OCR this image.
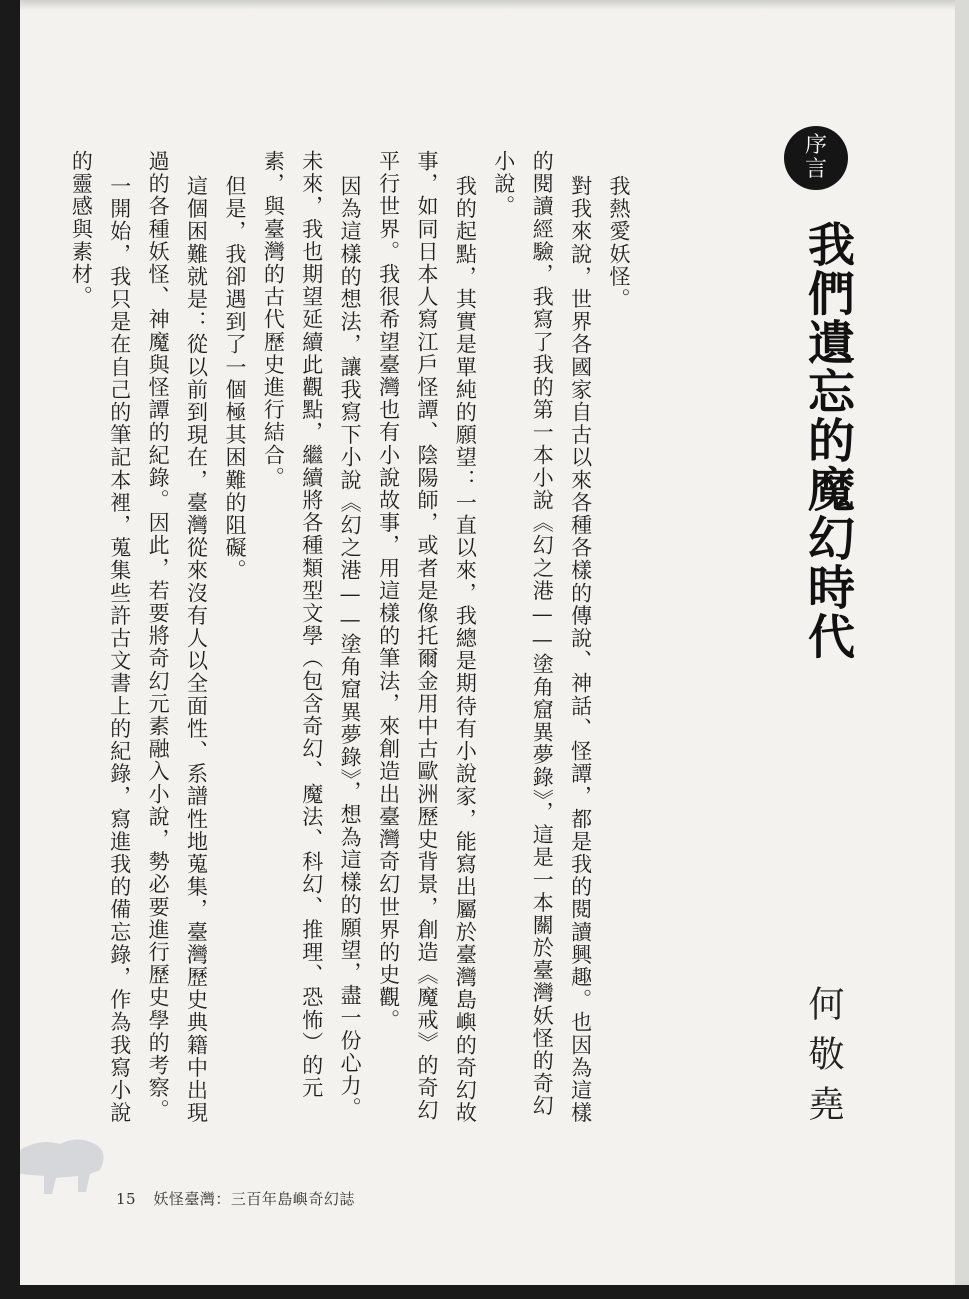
序
言
我們遺忘的魔幻時代
何敬堯

我熱愛妖怪。

對我來說，世界各國家自古以來各種各樣的傳說、神話、怪譚，都是我的閱讀興趣。也因為這樣的閱讀經驗，我寫了我的第一本小說《幻之港——塗角窟異夢錄》，這是一本關於臺灣妖怪的奇幻小說。

我的起點，其實是單純的願望：一直以來，我總是期待有小說家，能寫出屬於臺灣島嶼的奇幻故事，如同日本人寫江戶怪譚、陰陽師，或者是像托爾金用中古歐洲歷史背景，創造《魔戒》的奇幻平行世界。我很希望臺灣也有小說故事，用這樣的筆法，來創造出臺灣奇幻世界的史觀。

因為這樣的想法，讓我寫下小說《幻之港——塗角窟異夢錄》，想為這樣的願望，盡一份心力。未來，我也期望延續此觀點，繼續將各種類型文學（包含奇幻、魔法、科幻、推理、恐怖）的元素，與臺灣的古代歷史進行結合。

但是，我卻遇到了一個極其困難的阻礙。

這個困難就是：從以前到現在，臺灣從來沒有人以全面性、系譜性地蒐集，臺灣歷史典籍中出現過的各種妖怪、神魔與怪譚的紀錄。因此，若要將奇幻元素融入小說，勢必要進行歷史學的考察。

一開始，我只是在自己的筆記本裡，蒐集些許古文書上的紀錄，寫進我的備忘錄，作為我寫小說的靈感與素材。

15 妖怪臺灣：三百年島嶼奇幻誌
